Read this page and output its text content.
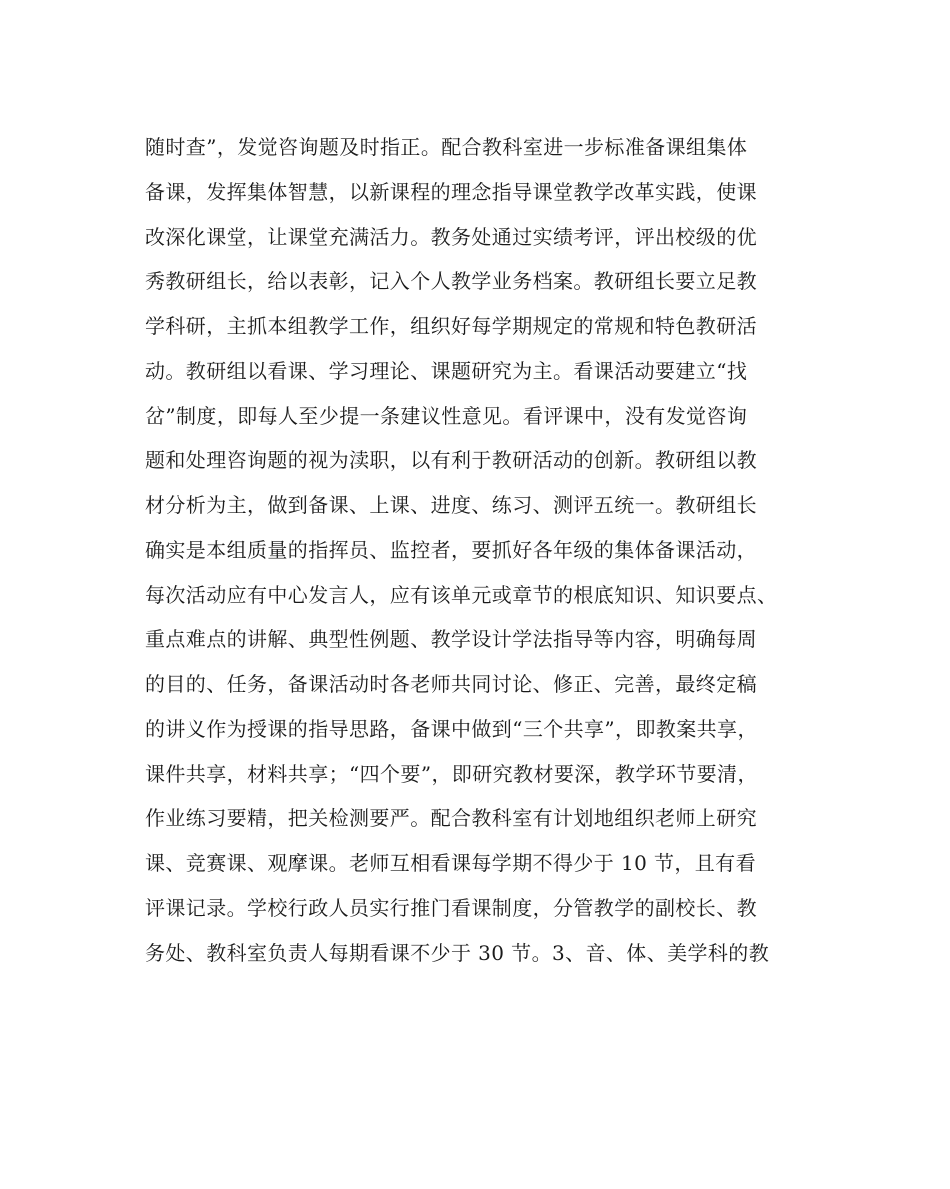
随时查”，发觉咨询题及时指正。配合教科室进一步标准备课组集体
备课，发挥集体智慧，以新课程的理念指导课堂教学改革实践，使课
改深化课堂，让课堂充满活力。教务处通过实绩考评，评出校级的优
秀教研组长，给以表彰，记入个人教学业务档案。教研组长要立足教
学科研，主抓本组教学工作，组织好每学期规定的常规和特色教研活
动。教研组以看课、学习理论、课题研究为主。看课活动要建立“找
岔”制度，即每人至少提一条建议性意见。看评课中，没有发觉咨询
题和处理咨询题的视为渎职，以有利于教研活动的创新。教研组以教
材分析为主，做到备课、上课、进度、练习、测评五统一。教研组长
确实是本组质量的指挥员、监控者，要抓好各年级的集体备课活动，
每次活动应有中心发言人，应有该单元或章节的根底知识、知识要点、
重点难点的讲解、典型性例题、教学设计学法指导等内容，明确每周
的目的、任务，备课活动时各老师共同讨论、修正、完善，最终定稿
的讲义作为授课的指导思路，备课中做到“三个共享”，即教案共享，
课件共享，材料共享；“四个要”，即研究教材要深，教学环节要清，
作业练习要精，把关检测要严。配合教科室有计划地组织老师上研究
课、竞赛课、观摩课。老师互相看课每学期不得少于 10 节，且有看
评课记录。学校行政人员实行推门看课制度，分管教学的副校长、教
务处、教科室负责人每期看课不少于 30 节。3、音、体、美学科的教
